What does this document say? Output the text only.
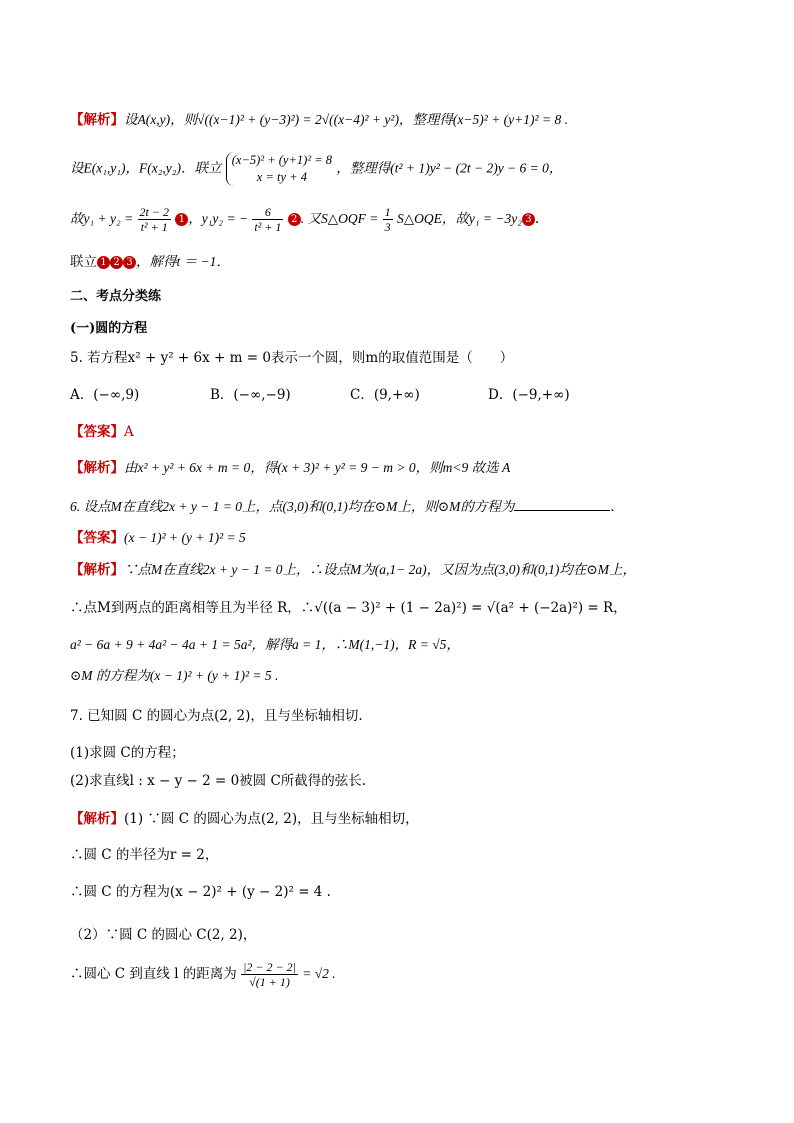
【解析】设A(x,y)，则√((x−1)² + (y−3)²) = 2√((x−4)² + y²)，整理得(x−5)² + (y+1)² = 8 .
设E(x₁,y₁)，F(x₂,y₂)．联立
(x−5)² + (y+1)² = 8
x = ty + 4
，整理得(t² + 1)y² − (2t − 2)y − 6 = 0，
故$y_1 + y_2 = \frac{2t - 2}{\text{t² + 1}} 1$ ，y₁y₂ = − $\frac{6}{\text{t² + 1}} 2$ . 又S△OQF = $\frac{1}{3}$ S△OQE，故y₁ = −3y₂ 3 .
联立 1 2 3 ，解得t ＝ −1．
二、考点分类练
(一)圆的方程
5. 若方程x² + y² + 6x + m = 0表示一个圆，则m的取值范围是（　　）
A．(−∞,9)	B．(−∞,−9)	C．(9,+∞)	D．(−9,+∞)
【答案】A
【解析】由x² + y² + 6x + m = 0，得(x + 3)² + y² = 9 − m > 0，则m<9 故选 A
6. 设点M在直线2x + y − 1 = 0上，点(3,0)和(0,1)均在⊙M上，则⊙M的方程为	．
【答案】(x − 1)² + (y + 1)² = 5
【解析】∵点M在直线2x + y − 1 = 0上，∴设点M为(a,1− 2a)，又因为点(3,0)和(0,1)均在⊙M上，
∴点M到两点的距离相等且为半径 R，∴√((a − 3)² + (1 − 2a)²) = √(a² + (−2a)²) = R，
a² − 6a + 9 + 4a² − 4a + 1 = 5a²，解得a = 1，∴M(1,−1)，R = √5，
⊙M 的方程为(x − 1)² + (y + 1)² = 5 .
7. 已知圆 C 的圆心为点(2, 2)，且与坐标轴相切.
(1)求圆 C的方程；
(2)求直线l : x − y − 2 = 0被圆 C所截得的弦长.
【解析】(1) ∵圆 C 的圆心为点(2, 2)，且与坐标轴相切，
∴圆 C 的半径为r = 2，
∴圆 C 的方程为(x − 2)² + (y − 2)² = 4 .
（2）∵圆 C 的圆心 C(2, 2)，
∴圆心 C 到直线 l 的距离为 $\frac{|2 - 2 - 2|}{√(1 + 1)} = √2$ .
